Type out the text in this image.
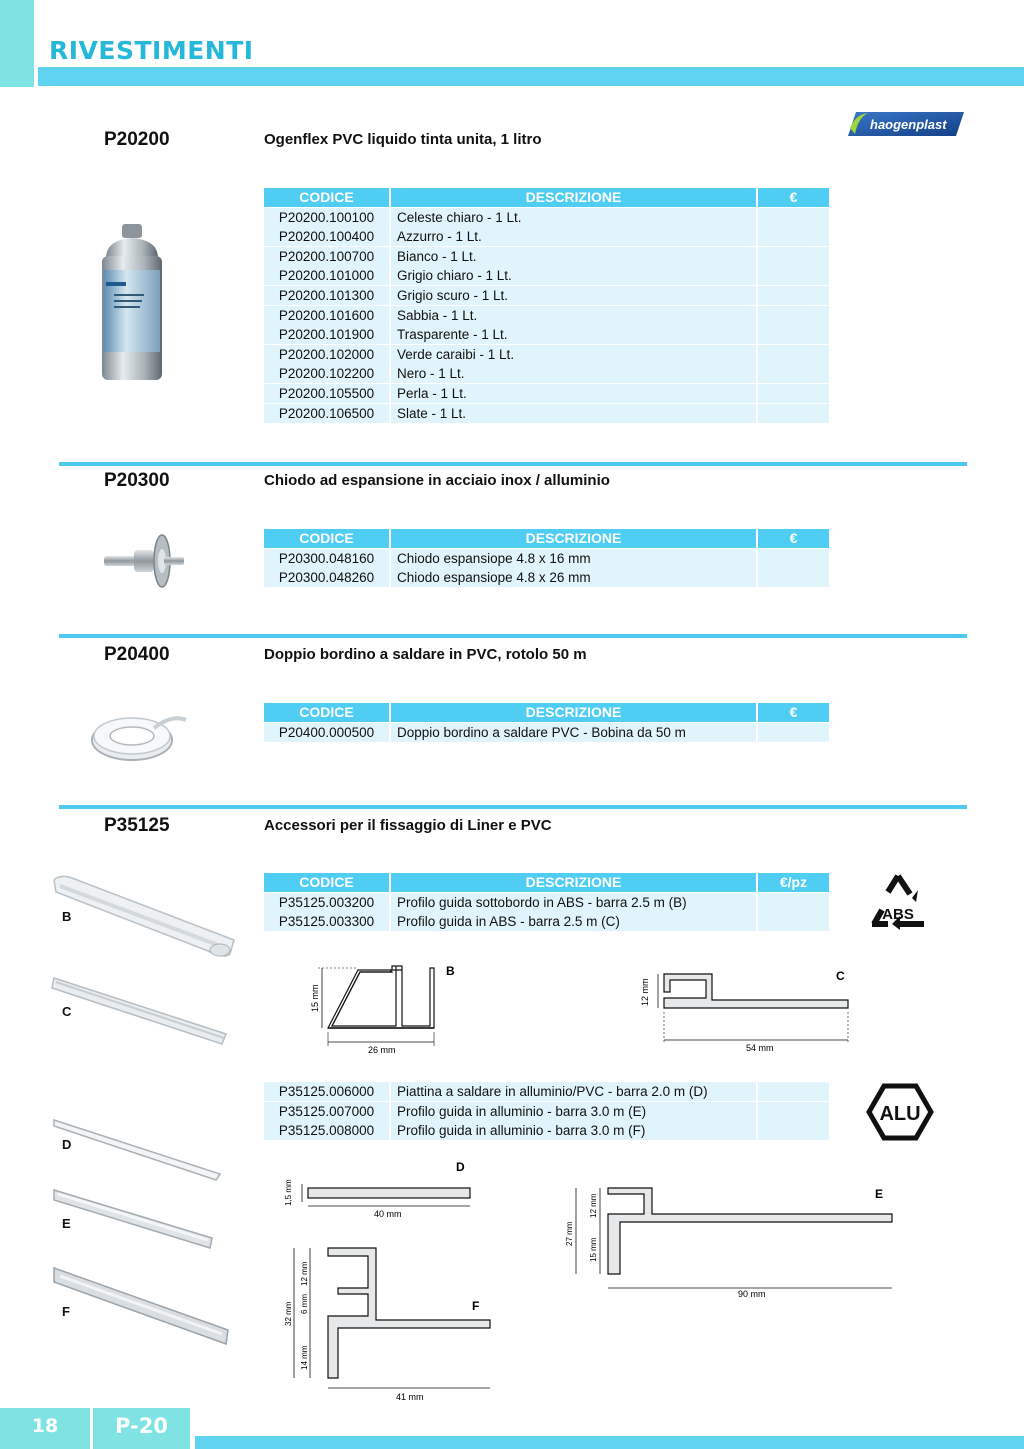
RIVESTIMENTI
haogenplast
P20200	Ogenflex PVC liquido tinta unita, 1 litro
CODICE	DESCRIZIONE	€
P20200.100100	Celeste chiaro - 1 Lt.
P20200.100400	Azzurro - 1 Lt.
P20200.100700	Bianco - 1 Lt.
P20200.101000	Grigio chiaro - 1 Lt.
P20200.101300	Grigio scuro - 1 Lt.
P20200.101600	Sabbia - 1 Lt.
P20200.101900	Trasparente - 1 Lt.
P20200.102000	Verde caraibi - 1 Lt.
P20200.102200	Nero - 1 Lt.
P20200.105500	Perla - 1 Lt.
P20200.106500	Slate - 1 Lt.
P20300	Chiodo ad espansione in acciaio inox / alluminio
CODICE	DESCRIZIONE	€
P20300.048160	Chiodo espansiope 4.8 x 16 mm
P20300.048260	Chiodo espansiope 4.8 x 26 mm
P20400	Doppio bordino a saldare in PVC, rotolo 50 m
CODICE	DESCRIZIONE	€
P20400.000500	Doppio bordino a saldare PVC - Bobina da 50 m
P35125	Accessori per il fissaggio di Liner e PVC
CODICE	DESCRIZIONE	€/pz
P35125.003200	Profilo guida sottobordo in ABS - barra 2.5 m (B)
P35125.003300	Profilo guida in ABS - barra 2.5 m (C)
P35125.006000	Piattina a saldare in alluminio/PVC - barra 2.0 m (D)
P35125.007000	Profilo guida in alluminio - barra 3.0 m (E)
P35125.008000	Profilo guida in alluminio - barra 3.0 m (F)
ABS
ALU
B
C
D
E
F
15 mm
26 mm
B
12 mm
54 mm
C
1,5 mm
40 mm
D
27 mm
12 mm
15 mm
90 mm
E
32 mm
12 mm
6 mm
14 mm
41 mm
F
18	P-20
